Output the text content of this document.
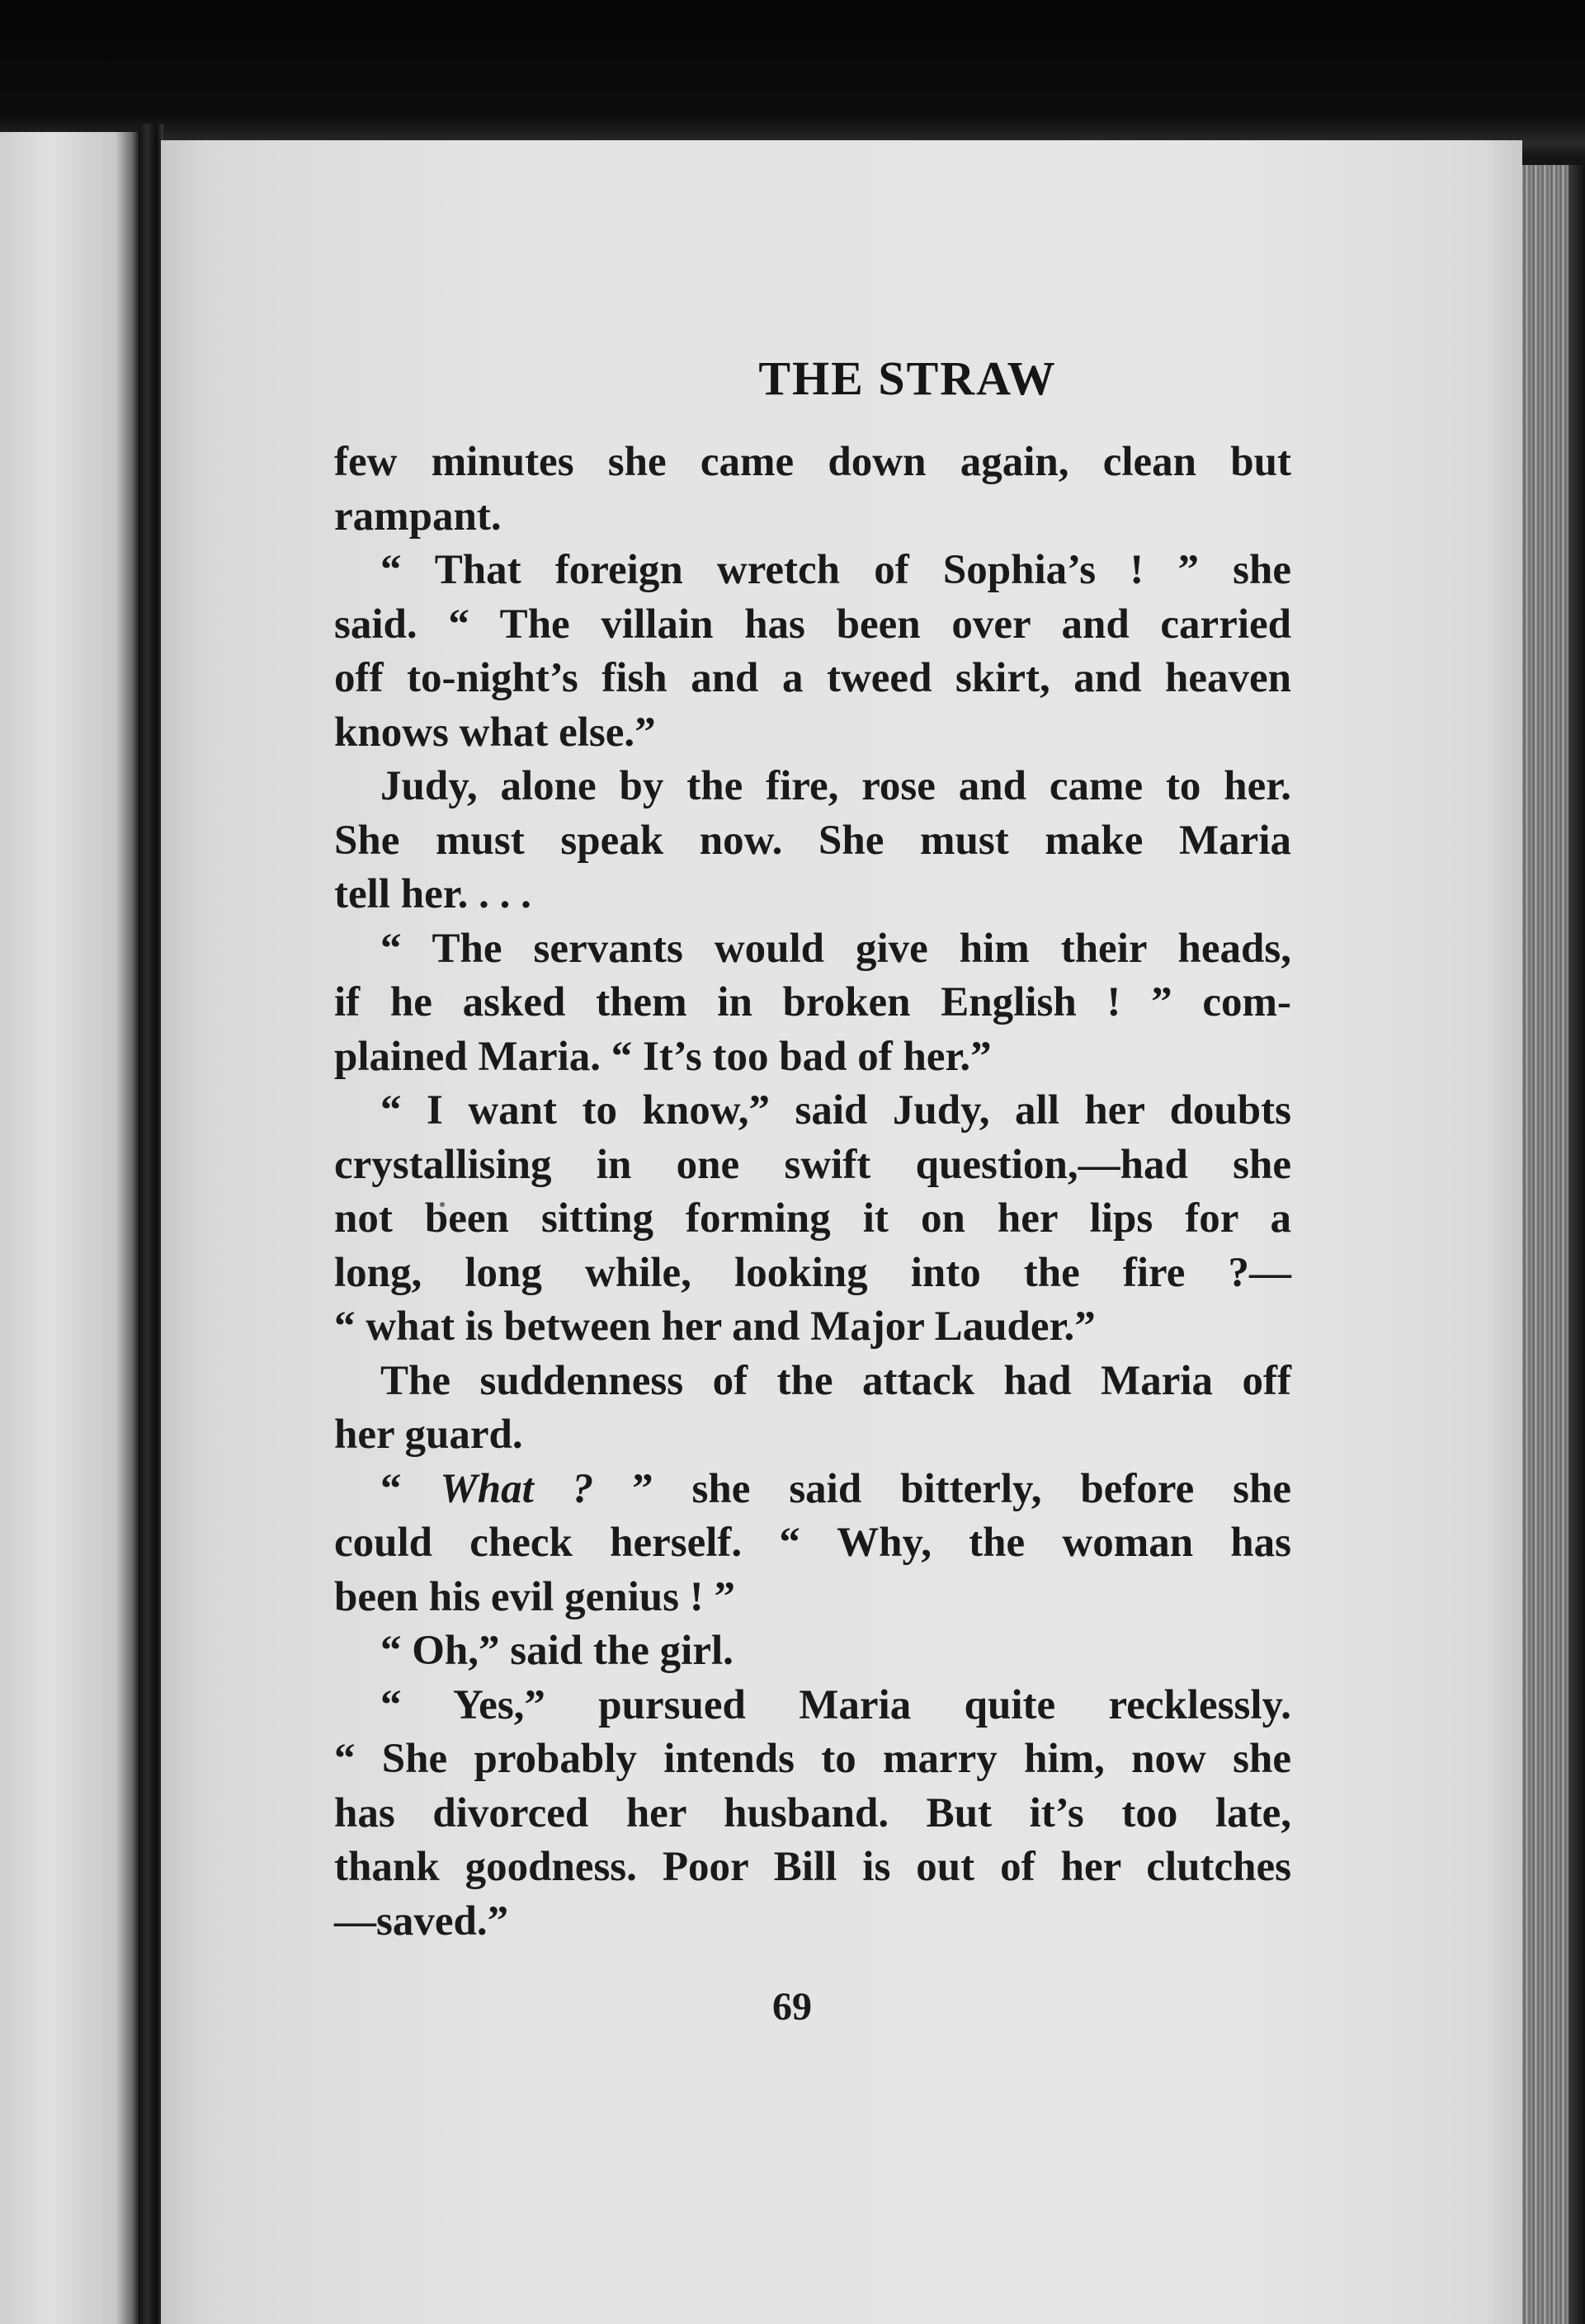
THE STRAW
few minutes she came down again, clean but
rampant.
“ That foreign wretch of Sophia’s ! ” she
said. “ The villain has been over and carried
off to-night’s fish and a tweed skirt, and heaven
knows what else.”
Judy, alone by the fire, rose and came to her.
She must speak now. She must make Maria
tell her. . . .
“ The servants would give him their heads,
if he asked them in broken English ! ” com-
plained Maria. “ It’s too bad of her.”
“ I want to know,” said Judy, all her doubts
crystallising in one swift question,—had she
not been sitting forming it on her lips for a
long, long while, looking into the fire ?—
“ what is between her and Major Lauder.”
The suddenness of the attack had Maria off
her guard.
“ What ? ” she said bitterly, before she
could check herself. “ Why, the woman has
been his evil genius ! ”
“ Oh,” said the girl.
“ Yes,” pursued Maria quite recklessly.
“ She probably intends to marry him, now she
has divorced her husband. But it’s too late,
thank goodness. Poor Bill is out of her clutches
—saved.”
69
